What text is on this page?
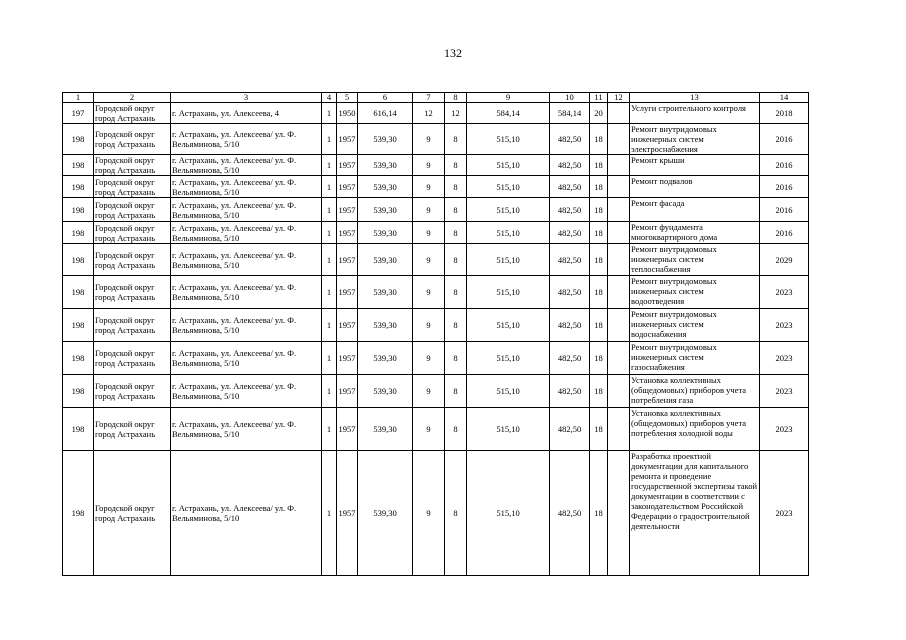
132
1	2	3	4	5	6	7	8	9	10	11	12	13	14
197	Городской округ город Астрахань	г. Астрахань, ул. Алексеева, 4	1	1950	616,14	12	12	584,14	584,14	20		Услуги строительного контроля	2018
198	Городской округ город Астрахань	г. Астрахань, ул. Алексеева/ ул. Ф. Вельяминова, 5/10	1	1957	539,30	9	8	515,10	482,50	18		Ремонт внутридомовых инженерных систем электроснабжения	2016
198	Городской округ город Астрахань	г. Астрахань, ул. Алексеева/ ул. Ф. Вельяминова, 5/10	1	1957	539,30	9	8	515,10	482,50	18		Ремонт крыши	2016
198	Городской округ город Астрахань	г. Астрахань, ул. Алексеева/ ул. Ф. Вельяминова, 5/10	1	1957	539,30	9	8	515,10	482,50	18		Ремонт подвалов	2016
198	Городской округ город Астрахань	г. Астрахань, ул. Алексеева/ ул. Ф. Вельяминова, 5/10	1	1957	539,30	9	8	515,10	482,50	18		Ремонт фасада	2016
198	Городской округ город Астрахань	г. Астрахань, ул. Алексеева/ ул. Ф. Вельяминова, 5/10	1	1957	539,30	9	8	515,10	482,50	18		Ремонт фундамента многоквартирного дома	2016
198	Городской округ город Астрахань	г. Астрахань, ул. Алексеева/ ул. Ф. Вельяминова, 5/10	1	1957	539,30	9	8	515,10	482,50	18		Ремонт внутридомовых инженерных систем теплоснабжения	2029
198	Городской округ город Астрахань	г. Астрахань, ул. Алексеева/ ул. Ф. Вельяминова, 5/10	1	1957	539,30	9	8	515,10	482,50	18		Ремонт внутридомовых инженерных систем водоотведения	2023
198	Городской округ город Астрахань	г. Астрахань, ул. Алексеева/ ул. Ф. Вельяминова, 5/10	1	1957	539,30	9	8	515,10	482,50	18		Ремонт внутридомовых инженерных систем водоснабжения	2023
198	Городской округ город Астрахань	г. Астрахань, ул. Алексеева/ ул. Ф. Вельяминова, 5/10	1	1957	539,30	9	8	515,10	482,50	18		Ремонт внутридомовых инженерных систем газоснабжения	2023
198	Городской округ город Астрахань	г. Астрахань, ул. Алексеева/ ул. Ф. Вельяминова, 5/10	1	1957	539,30	9	8	515,10	482,50	18		Установка коллективных (общедомовых) приборов учета потребления газа	2023
198	Городской округ город Астрахань	г. Астрахань, ул. Алексеева/ ул. Ф. Вельяминова, 5/10	1	1957	539,30	9	8	515,10	482,50	18		Установка коллективных (общедомовых) приборов учета потребления холодной воды	2023
198	Городской округ город Астрахань	г. Астрахань, ул. Алексеева/ ул. Ф. Вельяминова, 5/10	1	1957	539,30	9	8	515,10	482,50	18		Разработка проектной документации для капитального ремонта и проведение государственной экспертизы такой документации в соответствии с законодательством Российской Федерации о градостроительной деятельности	2023
